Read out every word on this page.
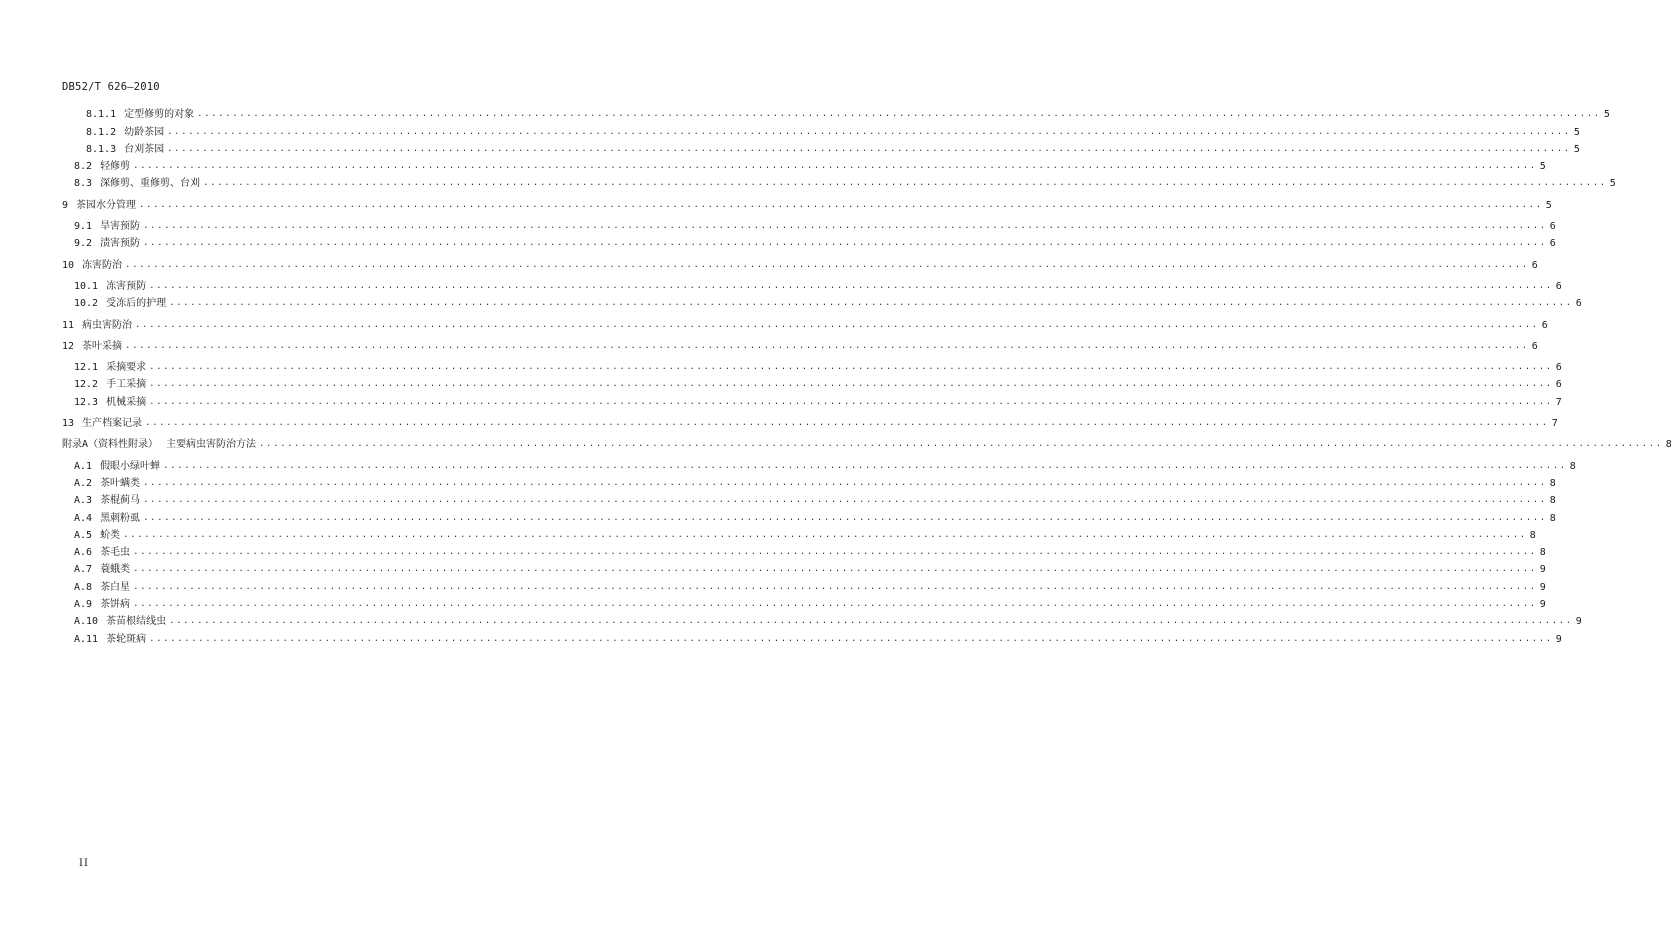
DB52/T 626—2010
8.1.1 定型修剪的对象 ........................................................................................................................................................................................................ 5
8.1.2 幼龄茶园 ........................................................................................................................................................................................................ 5
8.1.3 台刈茶园 ........................................................................................................................................................................................................ 5
8.2 轻修剪 ........................................................................................................................................................................................................ 5
8.3 深修剪、重修剪、台刈 ........................................................................................................................................................................................................ 5
9 茶园水分管理 ........................................................................................................................................................................................................ 5
9.1 旱害预防 ........................................................................................................................................................................................................ 6
9.2 渍害预防 ........................................................................................................................................................................................................ 6
10 冻害防治 ........................................................................................................................................................................................................ 6
10.1 冻害预防 ........................................................................................................................................................................................................ 6
10.2 受冻后的护理 ........................................................................................................................................................................................................ 6
11 病虫害防治 ........................................................................................................................................................................................................ 6
12 茶叶采摘 ........................................................................................................................................................................................................ 6
12.1 采摘要求 ........................................................................................................................................................................................................ 6
12.2 手工采摘 ........................................................................................................................................................................................................ 6
12.3 机械采摘 ........................................................................................................................................................................................................ 7
13 生产档案记录 ........................................................................................................................................................................................................ 7
附录A（资料性附录） 主要病虫害防治方法 ........................................................................................................................................................................................................ 8
A.1 假眼小绿叶蝉 ........................................................................................................................................................................................................ 8
A.2 茶叶螨类 ........................................................................................................................................................................................................ 8
A.3 茶棍蓟马 ........................................................................................................................................................................................................ 8
A.4 黑刺粉虱 ........................................................................................................................................................................................................ 8
A.5 蚧类 ........................................................................................................................................................................................................ 8
A.6 茶毛虫 ........................................................................................................................................................................................................ 8
A.7 蓑蛾类 ........................................................................................................................................................................................................ 9
A.8 茶白星 ........................................................................................................................................................................................................ 9
A.9 茶饼病 ........................................................................................................................................................................................................ 9
A.10 茶苗根结线虫 ........................................................................................................................................................................................................ 9
A.11 茶轮斑病 ........................................................................................................................................................................................................ 9
II
